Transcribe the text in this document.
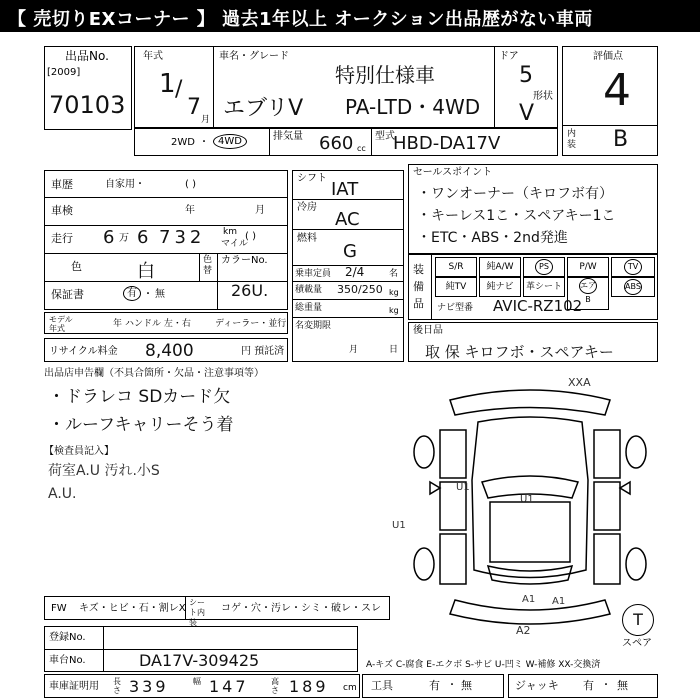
【 売切りEXコーナー 】 過去1年以上 オークション出品歴がない車両
出品No.
[2009]
70103
年式
1 /
7 月
車名・グレード
特別仕様車
エブリV PA-LTD・4WD
ドア
5
形状
V
評価点
4
内装 B
2WD ・ 4WD	排気量 660 cc
型式
HBD-DA17V
車歴	自家用・	( )
車検	年	月
走行 6 万 6 732 km
マイル
( )
色	白
色替
カラーNo.
26U.
保証書	有 ・ 無
モデル年式	年 ハンドル 左・右	ディーラー・並行
リサイクル料金 8,400	円 預託済
シフト
IAT
冷房
AC
燃料
G
乗車定員 2/4	名
積載量 350/250 kg
総重量	kg
名変期限
月	日
セールスポイント
・ワンオーナー（キロフボ有）
・キーレス1こ・スペアキー1こ
・ETC・ABS・2nd発進
装備品
S/R	純A/W	PS	P/W	TV
純TV	純ナビ	革シート	エアB
ABS
ナビ型番 AVIC-RZ102
後日品
取 保 キロフボ・スペアキー
出品店申告欄（不具合箇所・欠品・注意事項等）
・ドラレコ SDカード欠
・ルーフキャリーそう着
【検査員記入】
荷室A.U 汚れ.小S
A.U.
XXA
U1
U1
U1
A1 A1
A2
FW キズ・ヒビ・石・割レX
シート内装
コゲ・穴・汚レ・シミ・破レ・スレ
T
スペア
登録No.
車台No.	DA17V-309425	A-キズ C-腐食 E-エクボ S-サビ U-凹ミ W-補修 XX-交換済
車庫証明用 長さ 339	幅 147	高さ 189 cm 工具	有 ・ 無	ジャッキ 有 ・ 無
